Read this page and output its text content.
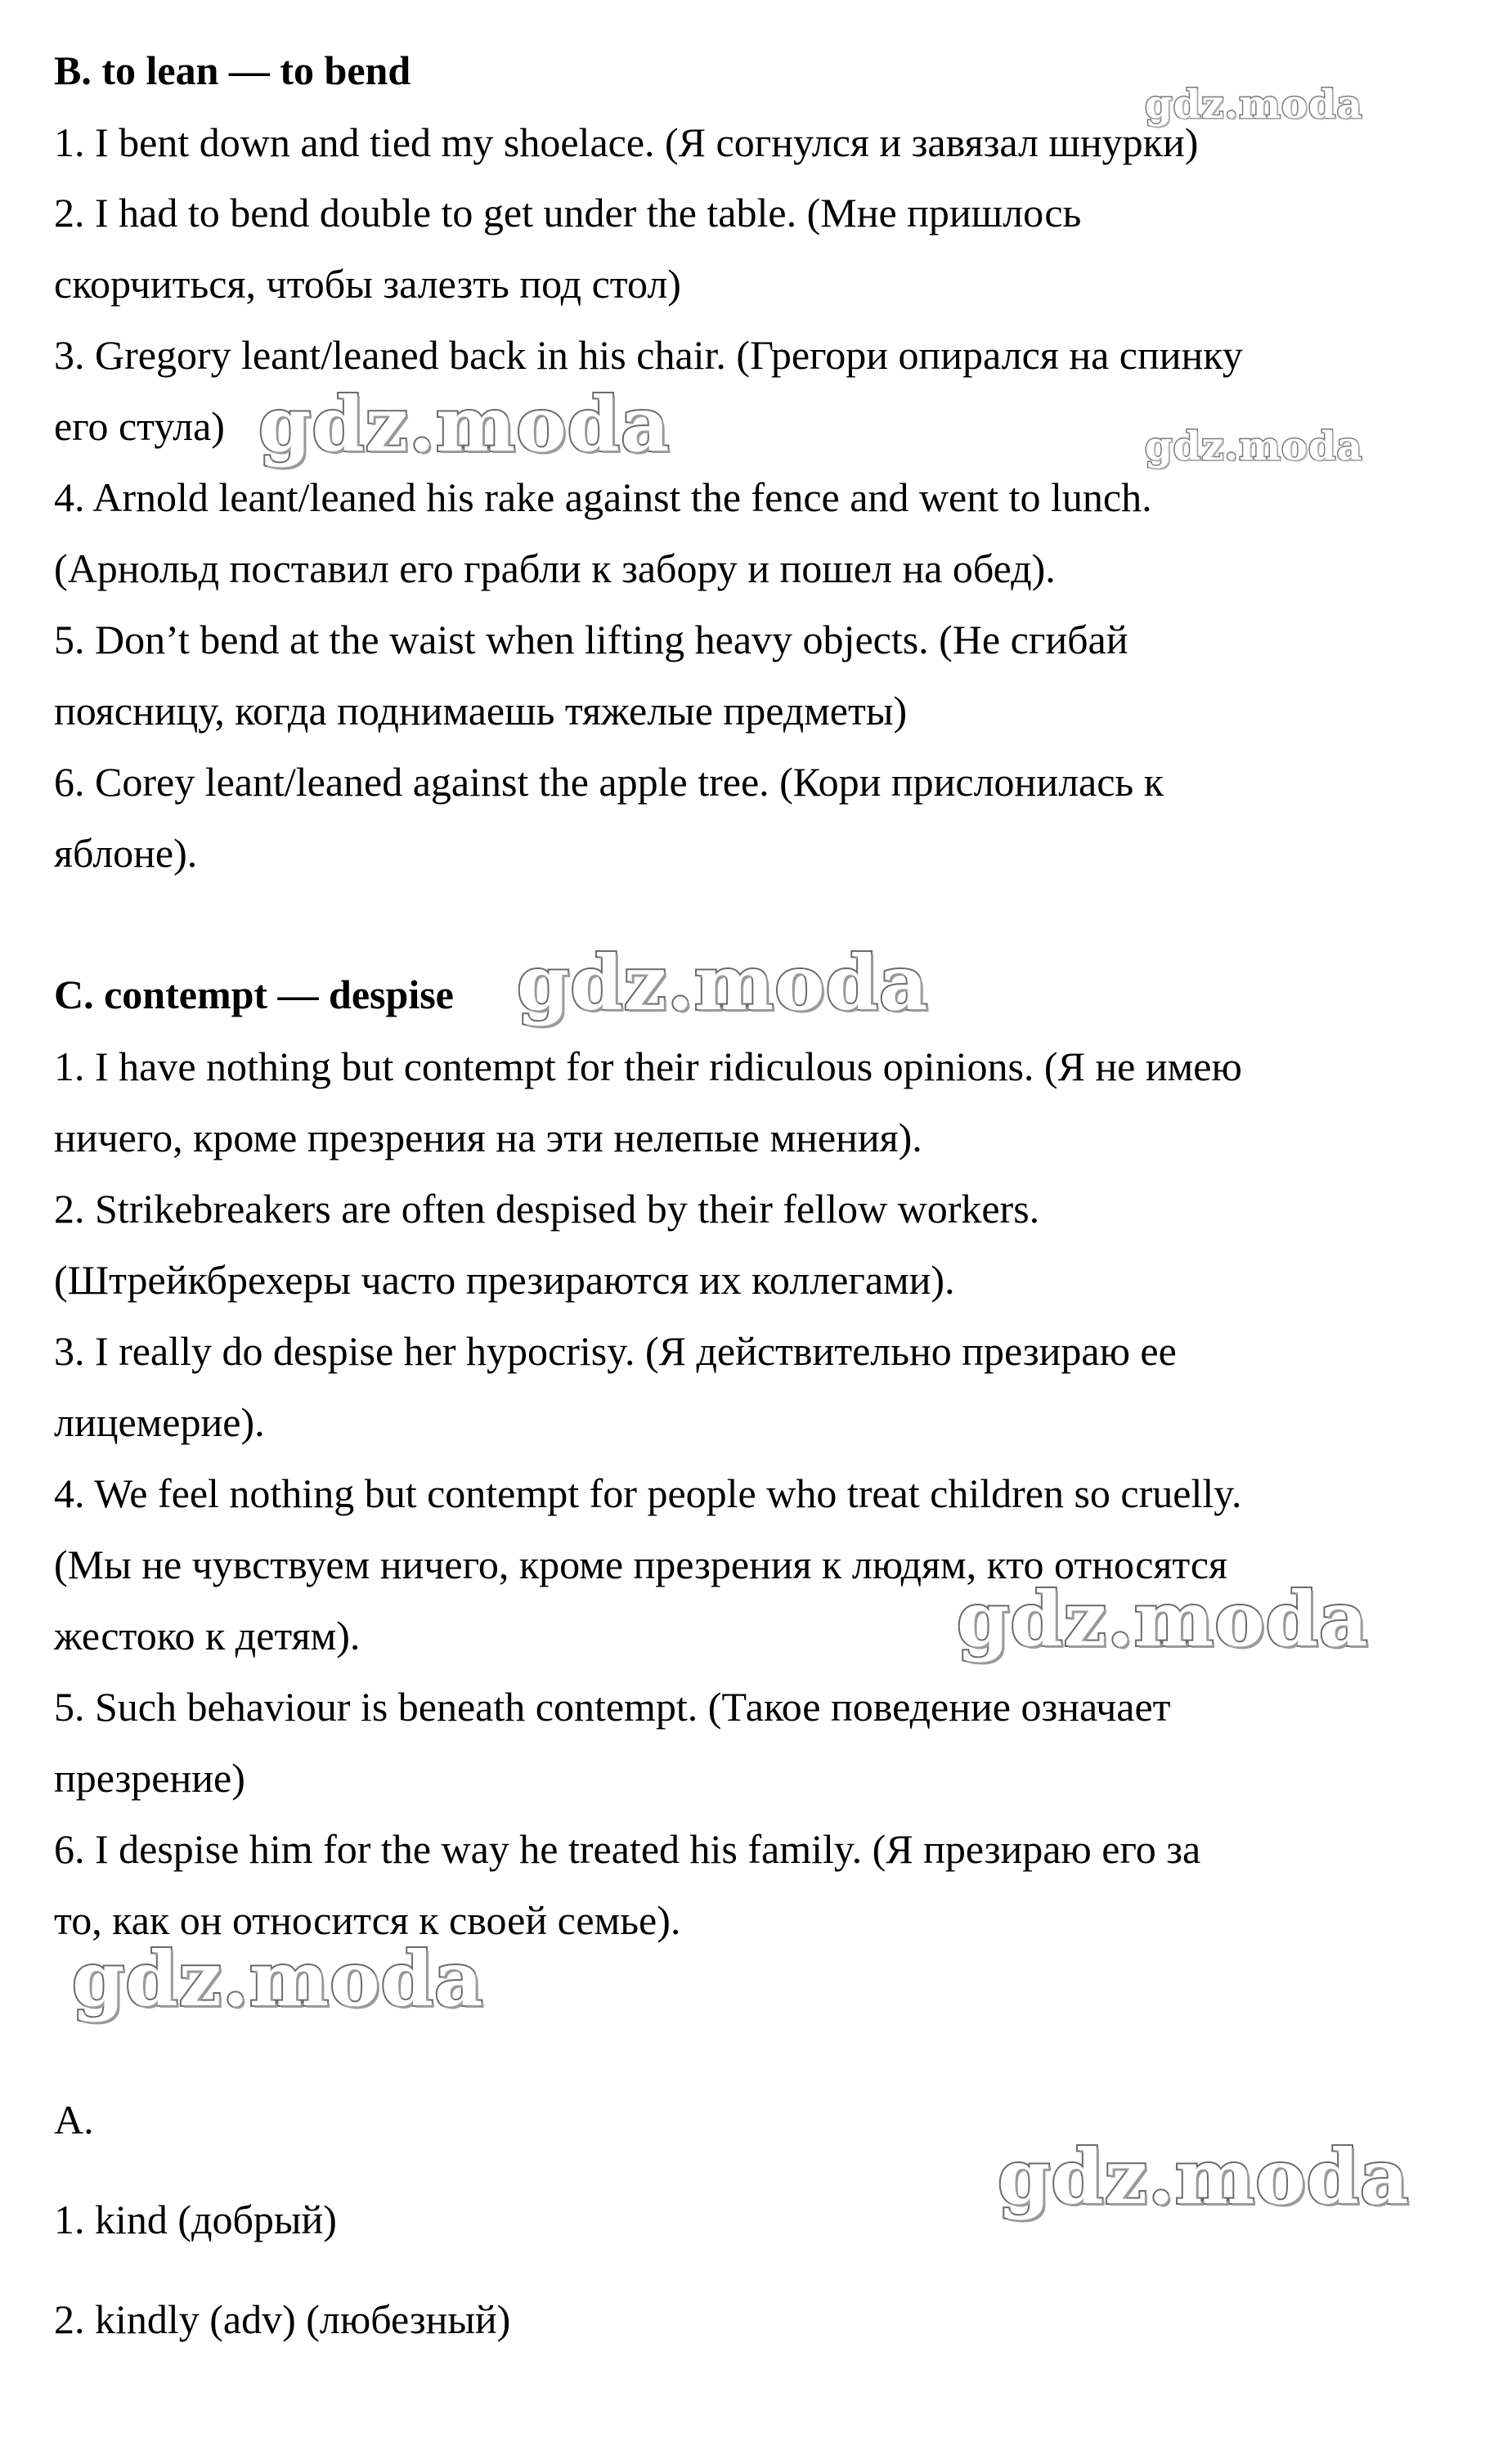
B. to lean — to bend
1. I bent down and tied my shoelace. (Я согнулся и завязал шнурки)
2. I had to bend double to get under the table. (Мне пришлось
скорчиться, чтобы залезть под стол)
3. Gregory leant/leaned back in his chair. (Грегори опирался на спинку
его стула)
4. Arnold leant/leaned his rake against the fence and went to lunch.
(Арнольд поставил его грабли к забору и пошел на обед).
5. Don’t bend at the waist when lifting heavy objects. (Не сгибай
поясницу, когда поднимаешь тяжелые предметы)
6. Corey leant/leaned against the apple tree. (Кори прислонилась к
яблоне).
C. contempt — despise
1. I have nothing but contempt for their ridiculous opinions. (Я не имею
ничего, кроме презрения на эти нелепые мнения).
2. Strikebreakers are often despised by their fellow workers.
(Штрейкбрехеры часто презираются их коллегами).
3. I really do despise her hypocrisy. (Я действительно презираю ее
лицемерие).
4. We feel nothing but contempt for people who treat children so cruelly.
(Мы не чувствуем ничего, кроме презрения к людям, кто относятся
жестоко к детям).
5. Such behaviour is beneath contempt. (Такое поведение означает
презрение)
6. I despise him for the way he treated his family. (Я презираю его за
то, как он относится к своей семье).
A.
1. kind (добрый)
2. kindly (adv) (любезный)
gdz.moda
gdz.moda	gdz.moda
gdz.moda
gdz.moda
gdz.moda
gdz.moda
